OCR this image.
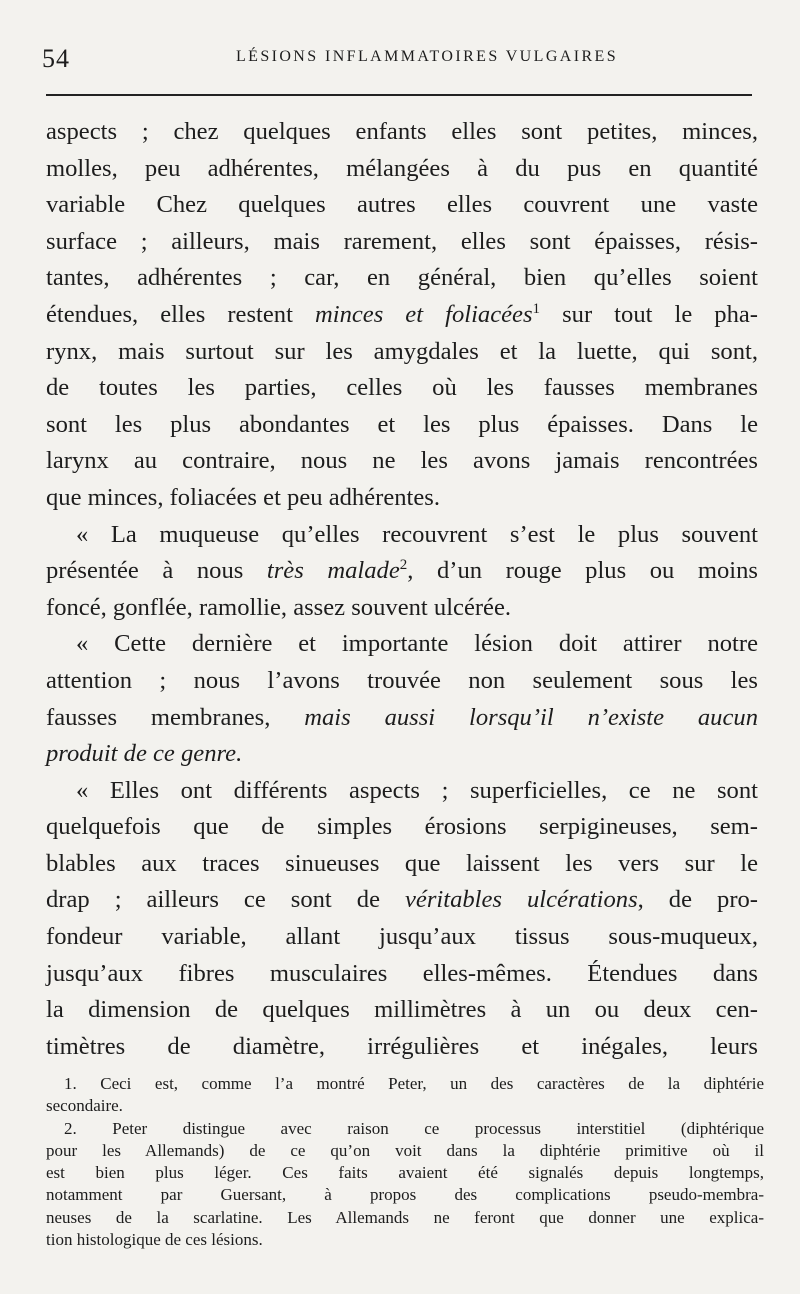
54	LÉSIONS INFLAMMATOIRES VULGAIRES
aspects ; chez quelques enfants elles sont petites, minces,
molles, peu adhérentes, mélangées à du pus en quantité
variable Chez quelques autres elles couvrent une vaste
surface ; ailleurs, mais rarement, elles sont épaisses, résis-
tantes, adhérentes ; car, en général, bien qu’elles soient
étendues, elles restent minces et foliacées$^1$ sur tout le pha-
rynx, mais surtout sur les amygdales et la luette, qui sont,
de toutes les parties, celles où les fausses membranes
sont les plus abondantes et les plus épaisses. Dans le
larynx au contraire, nous ne les avons jamais rencontrées
que minces, foliacées et peu adhérentes.
« La muqueuse qu’elles recouvrent s’est le plus souvent
présentée à nous très malade$^2$, d’un rouge plus ou moins
foncé, gonflée, ramollie, assez souvent ulcérée.
« Cette dernière et importante lésion doit attirer notre
attention ; nous l’avons trouvée non seulement sous les
fausses membranes, mais aussi lorsqu’il n’existe aucun
produit de ce genre.
« Elles ont différents aspects ; superficielles, ce ne sont
quelquefois que de simples érosions serpigineuses, sem-
blables aux traces sinueuses que laissent les vers sur le
drap ; ailleurs ce sont de véritables ulcérations, de pro-
fondeur variable, allant jusqu’aux tissus sous-muqueux,
jusqu’aux fibres musculaires elles-mêmes. Étendues dans
la dimension de quelques millimètres à un ou deux cen-
timètres de diamètre, irrégulières et inégales, leurs
1. Ceci est, comme l’a montré Peter, un des caractères de la diphtérie
secondaire.
2. Peter distingue avec raison ce processus interstitiel (diphtérique
pour les Allemands) de ce qu’on voit dans la diphtérie primitive où il
est bien plus léger. Ces faits avaient été signalés depuis longtemps,
notamment par Guersant, à propos des complications pseudo-membra-
neuses de la scarlatine. Les Allemands ne feront que donner une explica-
tion histologique de ces lésions.
